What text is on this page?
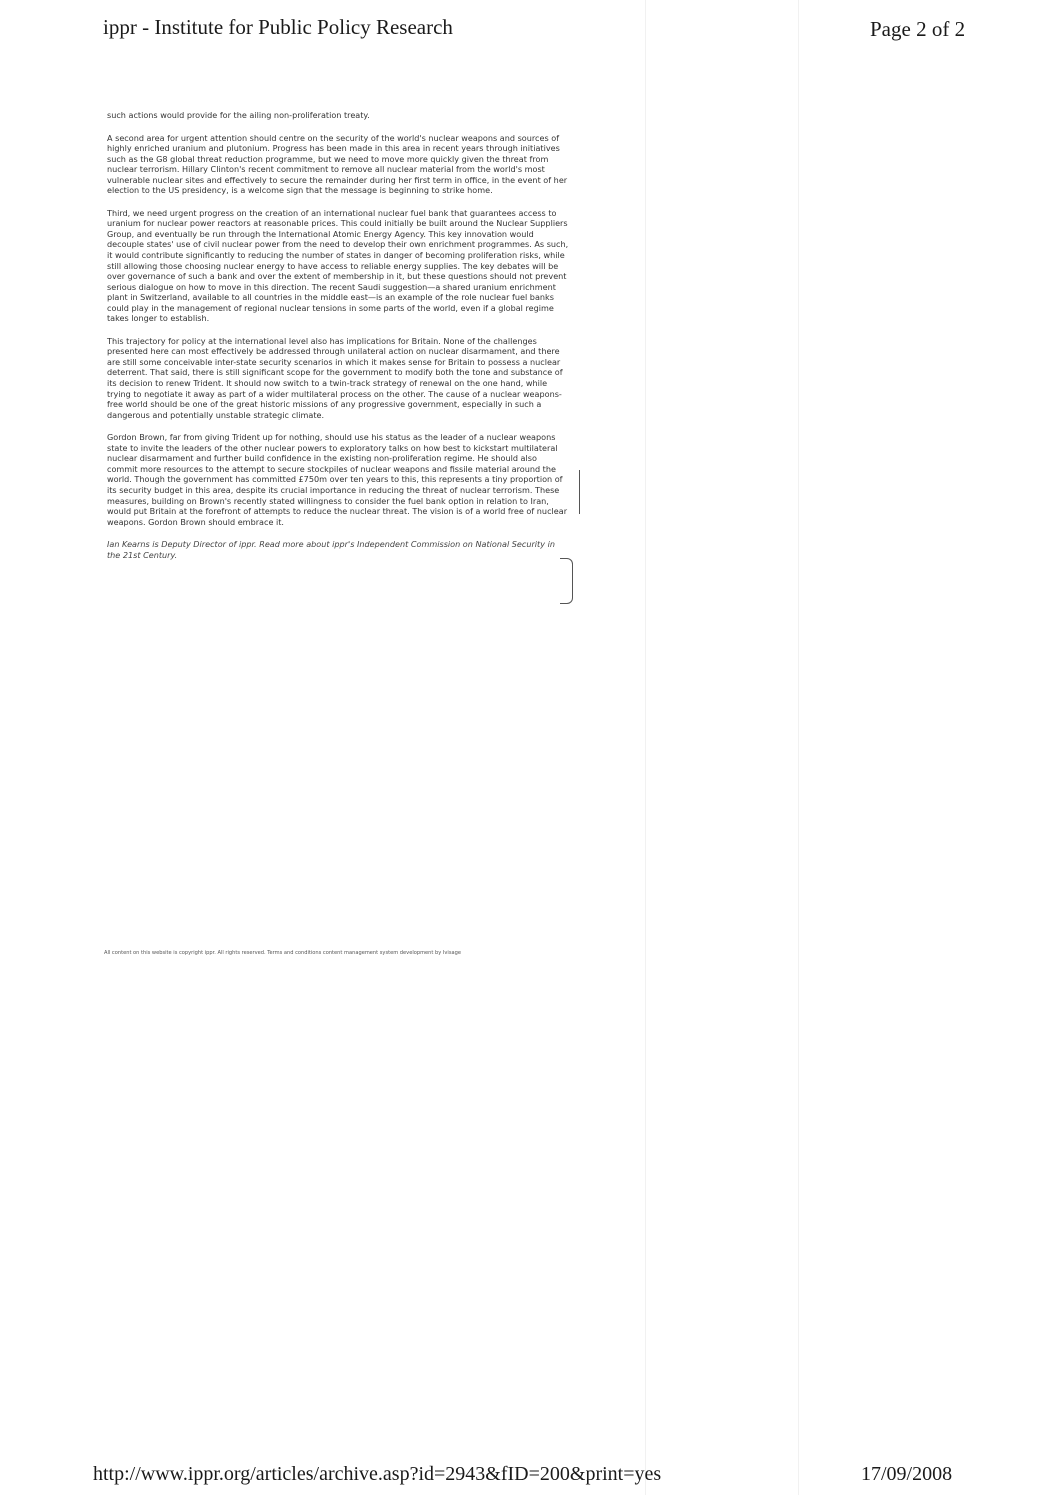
ippr - Institute for Public Policy Research	Page 2 of 2

such actions would provide for the ailing non-proliferation treaty.

A second area for urgent attention should centre on the security of the world's nuclear weapons and sources of highly enriched uranium and plutonium. Progress has been made in this area in recent years through initiatives such as the G8 global threat reduction programme, but we need to move more quickly given the threat from nuclear terrorism. Hillary Clinton's recent commitment to remove all nuclear material from the world's most vulnerable nuclear sites and effectively to secure the remainder during her first term in office, in the event of her election to the US presidency, is a welcome sign that the message is beginning to strike home.

Third, we need urgent progress on the creation of an international nuclear fuel bank that guarantees access to uranium for nuclear power reactors at reasonable prices. This could initially be built around the Nuclear Suppliers Group, and eventually be run through the International Atomic Energy Agency. This key innovation would decouple states' use of civil nuclear power from the need to develop their own enrichment programmes. As such, it would contribute significantly to reducing the number of states in danger of becoming proliferation risks, while still allowing those choosing nuclear energy to have access to reliable energy supplies. The key debates will be over governance of such a bank and over the extent of membership in it, but these questions should not prevent serious dialogue on how to move in this direction. The recent Saudi suggestion—a shared uranium enrichment plant in Switzerland, available to all countries in the middle east—is an example of the role nuclear fuel banks could play in the management of regional nuclear tensions in some parts of the world, even if a global regime takes longer to establish.

This trajectory for policy at the international level also has implications for Britain. None of the challenges presented here can most effectively be addressed through unilateral action on nuclear disarmament, and there are still some conceivable inter-state security scenarios in which it makes sense for Britain to possess a nuclear deterrent. That said, there is still significant scope for the government to modify both the tone and substance of its decision to renew Trident. It should now switch to a twin-track strategy of renewal on the one hand, while trying to negotiate it away as part of a wider multilateral process on the other. The cause of a nuclear weapons-free world should be one of the great historic missions of any progressive government, especially in such a dangerous and potentially unstable strategic climate.

Gordon Brown, far from giving Trident up for nothing, should use his status as the leader of a nuclear weapons state to invite the leaders of the other nuclear powers to exploratory talks on how best to kickstart multilateral nuclear disarmament and further build confidence in the existing non-proliferation regime. He should also commit more resources to the attempt to secure stockpiles of nuclear weapons and fissile material around the world. Though the government has committed £750m over ten years to this, this represents a tiny proportion of its security budget in this area, despite its crucial importance in reducing the threat of nuclear terrorism. These measures, building on Brown's recently stated willingness to consider the fuel bank option in relation to Iran, would put Britain at the forefront of attempts to reduce the nuclear threat. The vision is of a world free of nuclear weapons. Gordon Brown should embrace it.

Ian Kearns is Deputy Director of ippr. Read more about ippr's Independent Commission on National Security in the 21st Century.

All content on this website is copyright ippr. All rights reserved. Terms and conditions content management system development by Ivisage
http://www.ippr.org/articles/archive.asp?id=2943&fID=200&print=yes	17/09/2008
